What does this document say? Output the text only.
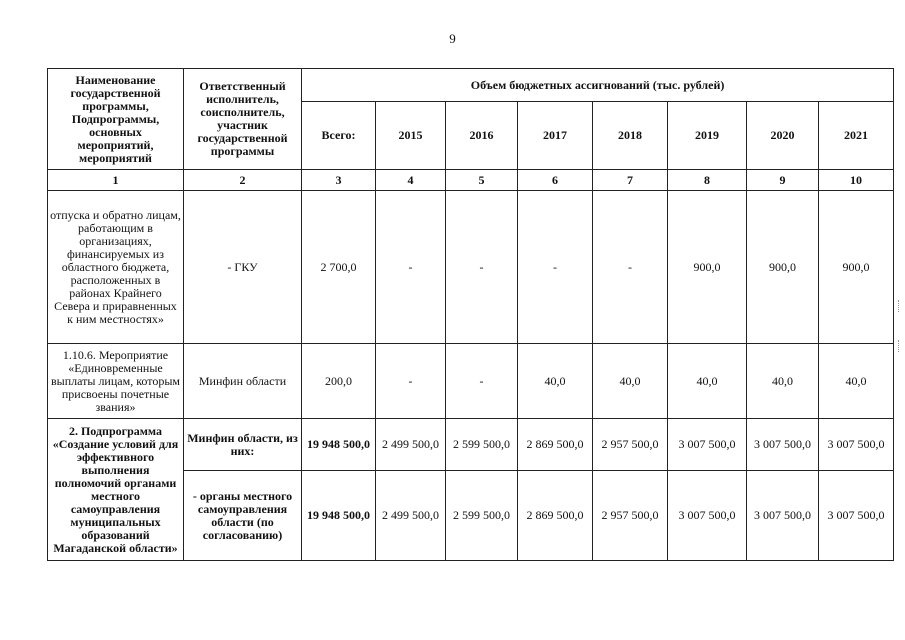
9
Наименование государственной программы, Подпрограммы, основных мероприятий, мероприятий	Ответственный исполнитель, соисполнитель, участник государственной программы	Объем бюджетных ассигнований (тыс. рублей)							
		Всего:	2015	2016	2017	2018	2019	2020	2021
1	2	3	4	5	6	7	8	9	10
отпуска и обратно лицам, работающим в организациях, финансируемых из областного бюджета, расположенных в районах Крайнего Севера и приравненных к ним местностях»	- ГКУ	2 700,0	-	-	-	-	900,0	900,0	900,0
1.10.6. Мероприятие «Единовременные выплаты лицам, которым присвоены почетные звания»	Минфин области	200,0	-	-	40,0	40,0	40,0	40,0	40,0
2. Подпрограмма «Создание условий для эффективного выполнения полномочий органами местного самоуправления муниципальных образований Магаданской области»	Минфин области, из них:	19 948 500,0	2 499 500,0	2 599 500,0	2 869 500,0	2 957 500,0	3 007 500,0	3 007 500,0	3 007 500,0
	- органы местного самоуправления области (по согласованию)	19 948 500,0	2 499 500,0	2 599 500,0	2 869 500,0	2 957 500,0	3 007 500,0	3 007 500,0	3 007 500,0
